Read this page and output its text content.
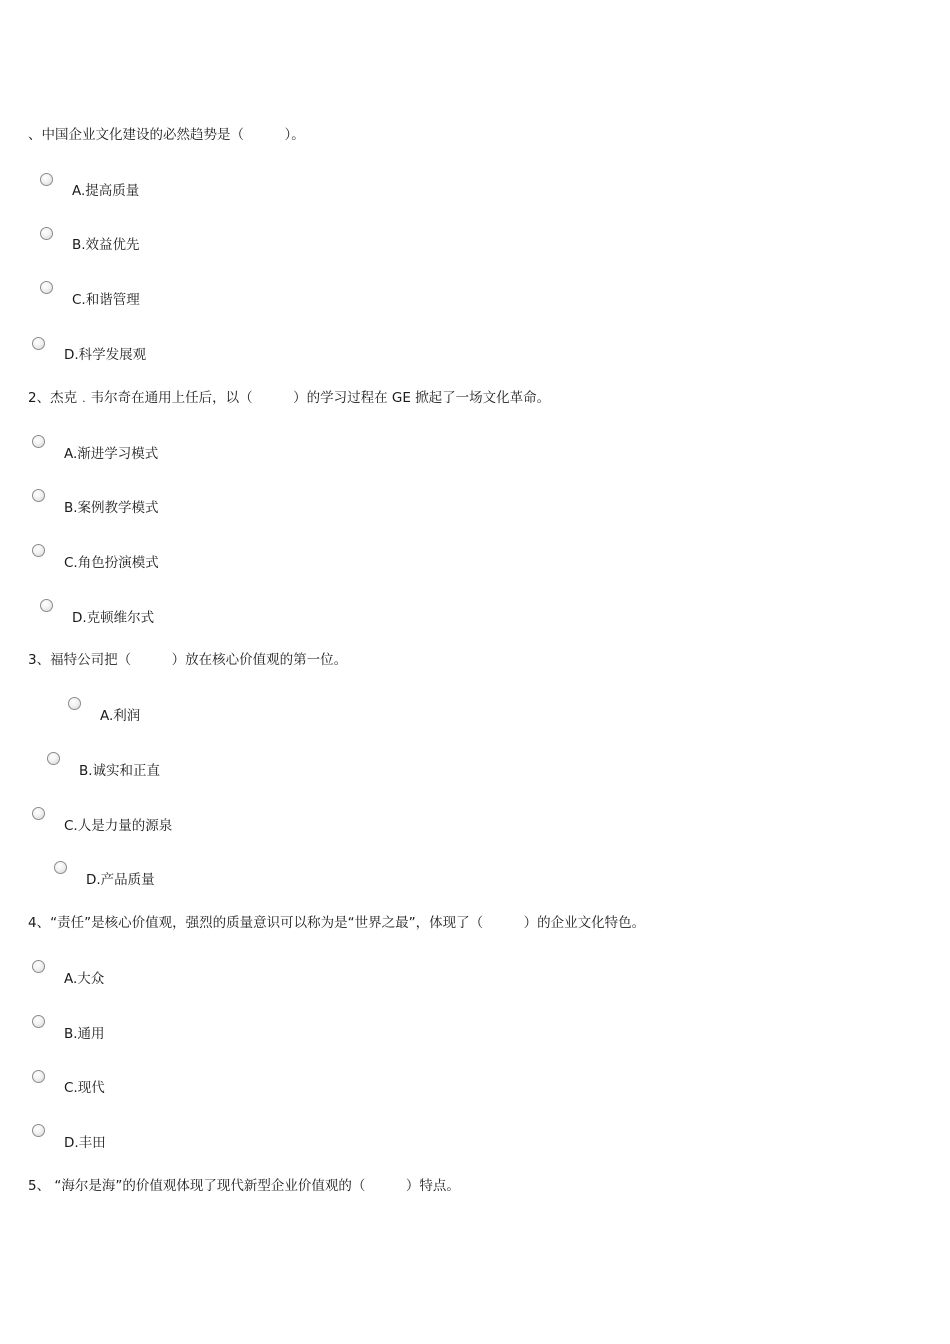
、中国企业文化建设的必然趋势是（　　　）。
A.提高质量
B.效益优先
C.和谐管理
D.科学发展观
2、杰克﹒韦尔奇在通用上任后，以（　　　）的学习过程在 GE 掀起了一场文化革命。
A.渐进学习模式
B.案例教学模式
C.角色扮演模式
D.克顿维尔式
3、福特公司把（　　　）放在核心价值观的第一位。
A.利润
B.诚实和正直
C.人是力量的源泉
D.产品质量
4、“责任”是核心价值观，强烈的质量意识可以称为是“世界之最”，体现了（　　　）的企业文化特色。
A.大众
B.通用
C.现代
D.丰田
5、 “海尔是海”的价值观体现了现代新型企业价值观的（　　　）特点。
